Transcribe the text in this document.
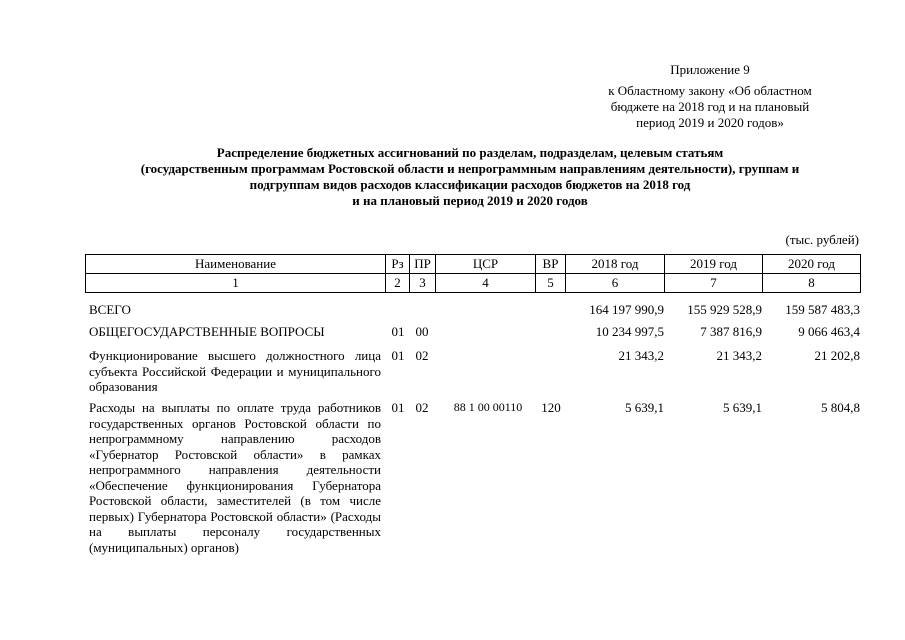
Приложение 9
к Областному закону «Об областном
бюджете на 2018 год и на плановый
период 2019 и 2020 годов»
Распределение бюджетных ассигнований по разделам, подразделам, целевым статьям
(государственным программам Ростовской области и непрограммным направлениям деятельности), группам и
подгруппам видов расходов классификации расходов бюджетов на 2018 год
и на плановый период 2019 и 2020 годов
(тыс. рублей)
Наименование	Рз	ПР	ЦСР	ВР	2018 год	2019 год	2020 год
1	2	3	4	5	6	7	8
ВСЕГО	164 197 990,9	155 929 528,9	159 587 483,3
ОБЩЕГОСУДАРСТВЕННЫЕ ВОПРОСЫ	01 00	10 234 997,5	7 387 816,9	9 066 463,4
Функционирование высшего должностного лица субъекта Российской Федерации и муниципального образования
01 02	21 343,2	21 343,2	21 202,8
Расходы на выплаты по оплате труда работников государственных органов Ростовской области по непрограммному направлению расходов «Губернатор Ростовской области» в рамках непрограммного направления деятельности «Обеспечение функционирования Губернатора Ростовской области, заместителей (в том числе первых) Губернатора Ростовской области» (Расходы на выплаты персоналу государственных (муниципальных) органов)
01 02	88 1 00 00110	120	5 639,1	5 639,1	5 804,8
